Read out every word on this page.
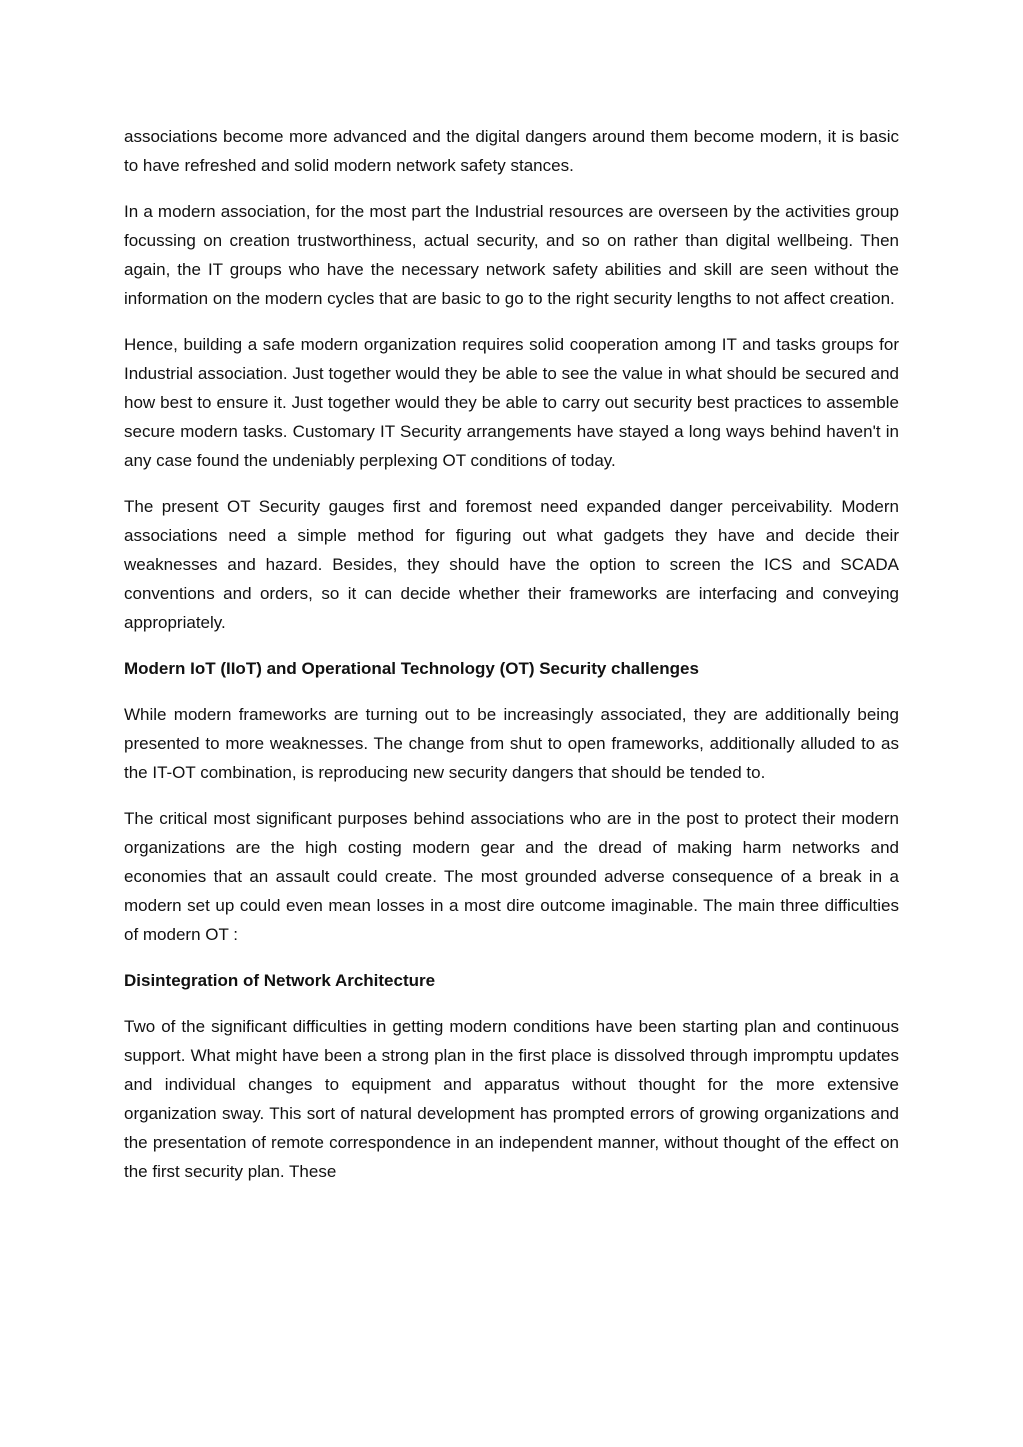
associations become more advanced and the digital dangers around them become modern, it is basic to have refreshed and solid modern network safety stances.

In a modern association, for the most part the Industrial resources are overseen by the activities group focussing on creation trustworthiness, actual security, and so on rather than digital wellbeing. Then again, the IT groups who have the necessary network safety abilities and skill are seen without the information on the modern cycles that are basic to go to the right security lengths to not affect creation.

Hence, building a safe modern organization requires solid cooperation among IT and tasks groups for Industrial association. Just together would they be able to see the value in what should be secured and how best to ensure it. Just together would they be able to carry out security best practices to assemble secure modern tasks. Customary IT Security arrangements have stayed a long ways behind haven't in any case found the undeniably perplexing OT conditions of today.

The present OT Security gauges first and foremost need expanded danger perceivability. Modern associations need a simple method for figuring out what gadgets they have and decide their weaknesses and hazard. Besides, they should have the option to screen the ICS and SCADA conventions and orders, so it can decide whether their frameworks are interfacing and conveying appropriately.

Modern IoT (IIoT) and Operational Technology (OT) Security challenges

While modern frameworks are turning out to be increasingly associated, they are additionally being presented to more weaknesses. The change from shut to open frameworks, additionally alluded to as the IT-OT combination, is reproducing new security dangers that should be tended to.

The critical most significant purposes behind associations who are in the post to protect their modern organizations are the high costing modern gear and the dread of making harm networks and economies that an assault could create. The most grounded adverse consequence of a break in a modern set up could even mean losses in a most dire outcome imaginable. The main three difficulties of modern OT :

Disintegration of Network Architecture

Two of the significant difficulties in getting modern conditions have been starting plan and continuous support. What might have been a strong plan in the first place is dissolved through impromptu updates and individual changes to equipment and apparatus without thought for the more extensive organization sway. This sort of natural development has prompted errors of growing organizations and the presentation of remote correspondence in an independent manner, without thought of the effect on the first security plan. These
